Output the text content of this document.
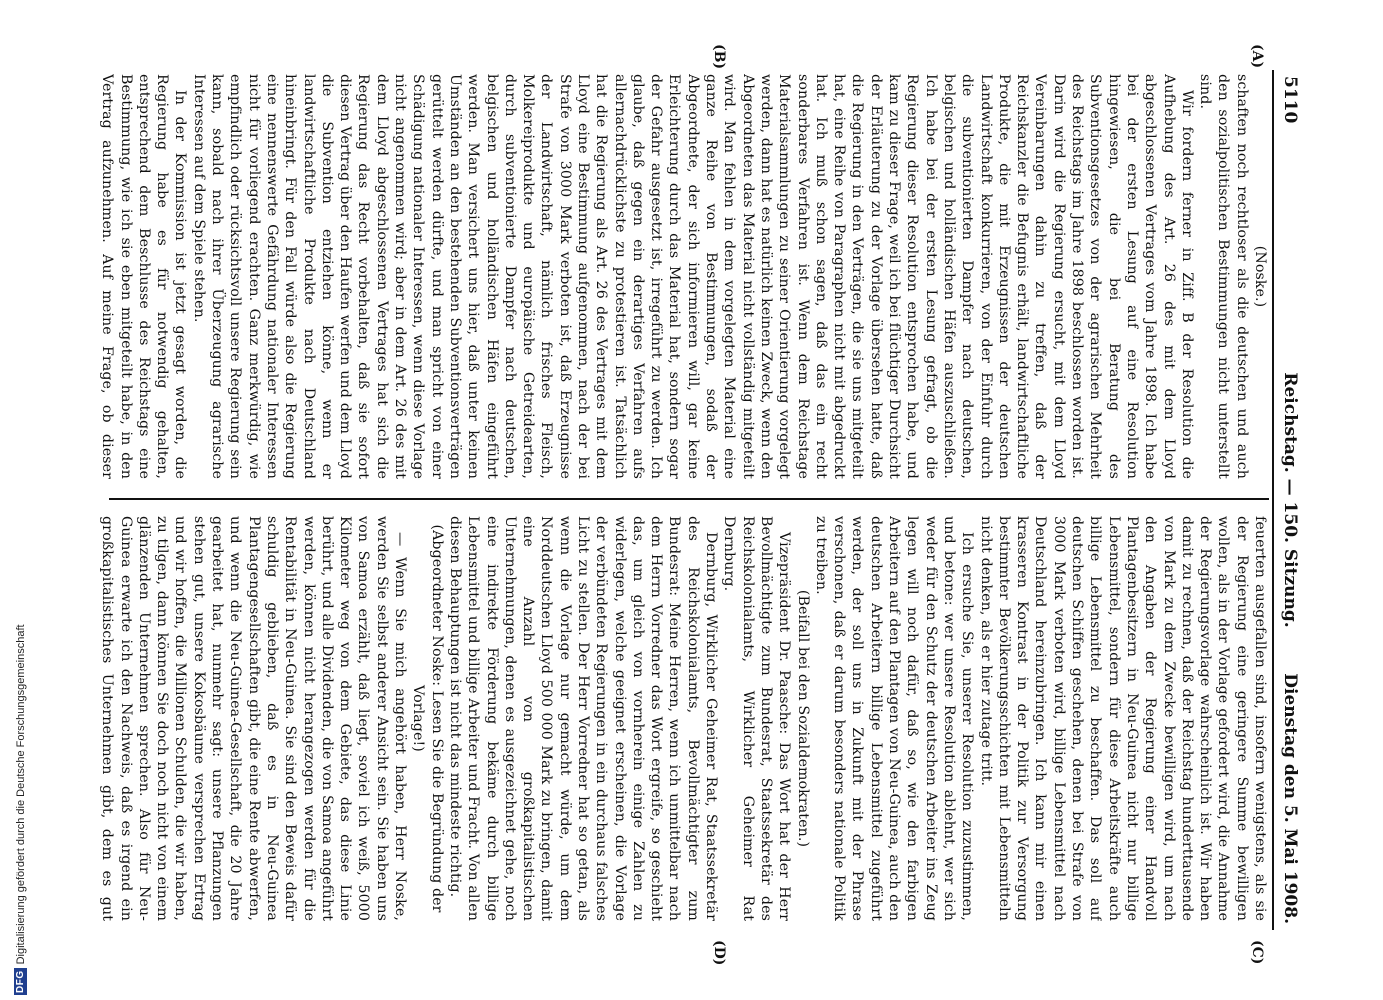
5110
Reichstag. — 150. Sitzung.
Dienstag den 5. Mai 1908.
(A)
(B)
(C)
(D)

(Noske.)

schaften noch rechtloser als die deutschen und auch den sozialpolitischen Bestimmungen nicht unterstellt sind.

Wir fordern ferner in Ziff. B der Resolution die Aufhebung des Art. 26 des mit dem Lloyd abgeschlossenen Vertrages vom Jahre 1898. Ich habe bei der ersten Lesung auf eine Resolution hingewiesen, die bei Beratung des Subventionsgesetzes von der agrarischen Mehrheit des Reichstags im Jahre 1898 beschlossen worden ist. Darin wird die Regierung ersucht, mit dem Lloyd Vereinbarungen dahin zu treffen, daß der Reichskanzler die Befugnis erhält, landwirtschaftliche Produkte, die mit Erzeugnissen der deutschen Landwirtschaft konkurrieren, von der Einfuhr durch die subventionierten Dampfer nach deutschen, belgischen und holländischen Häfen auszuschließen. Ich habe bei der ersten Lesung gefragt, ob die Regierung dieser Resolution entsprochen habe, und kam zu dieser Frage, weil ich bei flüchtiger Durchsicht der Erläuterung zu der Vorlage übersehen hatte, daß die Regierung in den Verträgen, die sie uns mitgeteilt hat, eine Reihe von Paragraphen nicht mit abgedruckt hat. Ich muß schon sagen, daß das ein recht sonderbares Verfahren ist. Wenn dem Reichstage Materialsammlungen zu seiner Orientierung vorgelegt werden, dann hat es natürlich keinen Zweck, wenn den Abgeordneten das Material nicht vollständig mitgeteilt wird. Man fehlen in dem vorgelegten Material eine ganze Reihe von Bestimmungen, sodaß der Abgeordnete, der sich informieren will, gar keine Erleichterung durch das Material hat, sondern sogar der Gefahr ausgesetzt ist, irregeführt zu werden. Ich glaube, daß gegen ein derartiges Verfahren aufs allernachdrücklichste zu protestieren ist. Tatsächlich hat die Regierung als Art. 26 des Vertrages mit dem Lloyd eine Bestimmung aufgenommen, nach der bei Strafe von 3000 Mark verboten ist, daß Erzeugnisse der Landwirtschaft, nämlich frisches Fleisch, Molkereiprodukte und europäische Getreidearten, durch subventionierte Dampfer nach deutschen, belgischen und holländischen Häfen eingeführt werden. Man versichert uns hier, daß unter keinen Umständen an den bestehenden Subventionsverträgen gerüttelt werden dürfte, und man spricht von einer Schädigung nationaler Interessen, wenn diese Vorlage nicht angenommen wird; aber in dem Art. 26 des mit dem Lloyd abgeschlossenen Vertrages hat sich die Regierung das Recht vorbehalten, daß sie sofort diesen Vertrag über den Haufen werfen und dem Lloyd die Subvention entziehen könne, wenn er landwirtschaftliche Produkte nach Deutschland hineinbringt. Für den Fall würde also die Regierung eine nennenswerte Gefährdung nationaler Interessen nicht für vorliegend erachten. Ganz merkwürdig, wie empfindlich oder rücksichtsvoll unsere Regierung sein kann, sobald nach ihrer Überzeugung agrarische Interessen auf dem Spiele stehen.

In der Kommission ist jetzt gesagt worden, die Regierung habe es für notwendig gehalten, entsprechend dem Beschlusse des Reichstags eine Bestimmung, wie ich sie eben mitgeteilt habe, in den Vertrag aufzunehmen. Auf meine Frage, ob dieser

feuerten ausgefallen sind, insofern wenigstens, als sie der Regierung eine geringere Summe bewilligen wollen, als in der Vorlage gefordert wird, die Annahme der Regierungsvorlage wahrscheinlich ist. Wir haben damit zu rechnen, daß der Reichstag hunderttausende von Mark zu dem Zwecke bewilligen wird, um nach den Angaben der Regierung einer Handvoll Plantagenbesitzern in Neu-Guinea nicht nur billige Lebensmittel, sondern für diese Arbeitskräfte auch billige Lebensmittel zu beschaffen. Das soll auf deutschen Schiffen geschehen, denen bei Strafe von 3000 Mark verboten wird, billige Lebensmittel nach Deutschland hereinzubringen. Ich kann mir einen krasseren Kontrast in der Politik zur Versorgung bestimmter Bevölkerungsschichten mit Lebensmitteln nicht denken, als er hier zutage tritt.

Ich ersuche Sie, unserer Resolution zuzustimmen, und betone: wer unsere Resolution ablehnt, wer sich weder für den Schutz der deutschen Arbeiter ins Zeug legen will noch dafür, daß so, wie den farbigen Arbeitern auf den Plantagen von Neu-Guinea, auch den deutschen Arbeitern billige Lebensmittel zugeführt werden, der soll uns in Zukunft mit der Phrase verschonen, daß er darum besonders nationale Politik zu treiben.

(Beifall bei den Sozialdemokraten.)

Vizepräsident Dr. Paasche: Das Wort hat der Herr Bevollmächtigte zum Bundesrat, Staatssekretär des Reichskolonialamts, Wirklicher Geheimer Rat Dernburg.

Dernburg, Wirklicher Geheimer Rat, Staatssekretär des Reichskolonialamts, Bevollmächtigter zum Bundesrat: Meine Herren, wenn ich unmittelbar nach dem Herrn Vorredner das Wort ergreife, so geschieht das, um gleich von vornherein einige Zahlen zu widerlegen, welche geeignet erscheinen, die Vorlage der verbündeten Regierungen in ein durchaus falsches Licht zu stellen. Der Herr Vorredner hat so getan, als wenn die Vorlage nur gemacht würde, um dem Norddeutschen Lloyd 500 000 Mark zu bringen, damit eine Anzahl von großkapitalistischen Unternehmungen, denen es ausgezeichnet gehe, noch eine indirekte Förderung bekäme durch billige Lebensmittel und billige Arbeiter und Fracht. Von allen diesen Behauptungen ist nicht das mindeste richtig.

(Abgeordneter Noske: Lesen Sie die Begründung der Vorlage!)

— Wenn Sie mich angehört haben, Herr Noske, werden Sie selbst anderer Ansicht sein. Sie haben uns von Samoa erzählt, daß liegt, soviel ich weiß, 5000 Kilometer weg von dem Gebiete, das diese Linie berührt, und alle Dividenden, die von Samoa angeführt werden, können nicht herangezogen werden für die Rentabilität in Neu-Guinea. Sie sind den Beweis dafür schuldig geblieben, daß es in Neu-Guinea Plantagengesellschaften gibt, die eine Rente abwerfen, und wenn die Neu-Guinea-Gesellschaft, die 20 Jahre gearbeitet hat, nunmehr sagt: unsere Pflanzungen stehen gut, unsere Kokosbäume versprechen Ertrag und wir hoffen, die Millionen Schulden, die wir haben, zu tilgen, dann können Sie doch noch nicht von einem glänzenden Unternehmen sprechen. Also für Neu-Guinea erwarte ich den Nachweis, daß es irgend ein großkapitalistisches Unternehmen gibt, dem es gut

DFG
Digitalisierung gefördert durch die Deutsche Forschungsgemeinschaft
